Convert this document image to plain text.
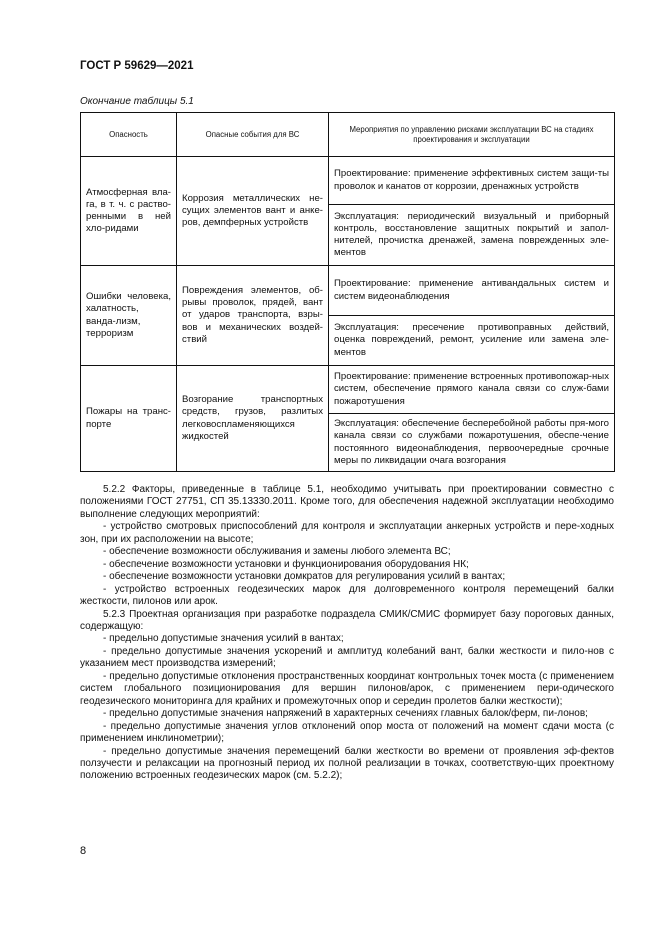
ГОСТ Р 59629—2021
Окончание таблицы 5.1
Опасность	Опасные события для ВС	Мероприятия по управлению рисками эксплуатации ВС на стадиях проектирования и эксплуатации
Атмосферная вла-га, в т. ч. с раство-ренными в ней хло-ридами	Коррозия металлических не-сущих элементов вант и анке-ров, демпферных устройств	Проектирование: применение эффективных систем защи-ты проволок и канатов от коррозии, дренажных устройств
		Эксплуатация: периодический визуальный и приборный контроль, восстановление защитных покрытий и запол-нителей, прочистка дренажей, замена поврежденных эле-ментов
Ошибки человека, халатность, ванда-лизм, терроризм	Повреждения элементов, об-рывы проволок, прядей, вант от ударов транспорта, взры-вов и механических воздей-ствий	Проектирование: применение антивандальных систем и систем видеонаблюдения
		Эксплуатация: пресечение противоправных действий, оценка повреждений, ремонт, усиление или замена эле-ментов
Пожары на транс-порте	Возгорание транспортных средств, грузов, разлитых легковоспламеняющихся жидкостей	Проектирование: применение встроенных противопожар-ных систем, обеспечение прямого канала связи со служ-бами пожаротушения
		Эксплуатация: обеспечение бесперебойной работы пря-мого канала связи со службами пожаротушения, обеспе-чение постоянного видеонаблюдения, первоочередные срочные меры по ликвидации очага возгорания

5.2.2 Факторы, приведенные в таблице 5.1, необходимо учитывать при проектировании совместно с положениями ГОСТ 27751, СП 35.13330.2011. Кроме того, для обеспечения надежной эксплуатации необходимо выполнение следующих мероприятий:

- устройство смотровых приспособлений для контроля и эксплуатации анкерных устройств и пере-ходных зон, при их расположении на высоте;

- обеспечение возможности обслуживания и замены любого элемента ВС;

- обеспечение возможности установки и функционирования оборудования НК;

- обеспечение возможности установки домкратов для регулирования усилий в вантах;

- устройство встроенных геодезических марок для долговременного контроля перемещений балки жесткости, пилонов или арок.

5.2.3 Проектная организация при разработке подраздела СМИК/СМИС формирует базу пороговых данных, содержащую:

- предельно допустимые значения усилий в вантах;

- предельно допустимые значения ускорений и амплитуд колебаний вант, балки жесткости и пило-нов с указанием мест производства измерений;

- предельно допустимые отклонения пространственных координат контрольных точек моста (с применением систем глобального позиционирования для вершин пилонов/арок, с применением пери-одического геодезического мониторинга для крайних и промежуточных опор и середин пролетов балки жесткости);

- предельно допустимые значения напряжений в характерных сечениях главных балок/ферм, пи-лонов;

- предельно допустимые значения углов отклонений опор моста от положений на момент сдачи моста (с применением инклинометрии);

- предельно допустимые значения перемещений балки жесткости во времени от проявления эф-фектов ползучести и релаксации на прогнозный период их полной реализации в точках, соответствую-щих проектному положению встроенных геодезических марок (см. 5.2.2);

8
